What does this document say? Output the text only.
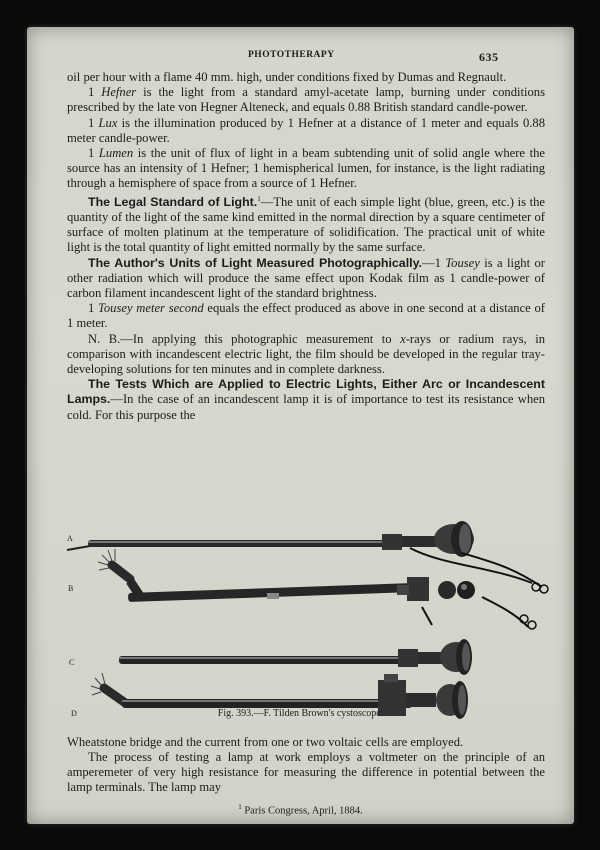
PHOTOTHERAPY	635

oil per hour with a flame 40 mm. high, under conditions fixed by Dumas and Regnault.

1 Hefner is the light from a standard amyl-acetate lamp, burning under conditions prescribed by the late von Hegner Alteneck, and equals 0.88 British standard candle-power.

1 Lux is the illumination produced by 1 Hefner at a distance of 1 meter and equals 0.88 meter candle-power.

1 Lumen is the unit of flux of light in a beam subtending unit of solid angle where the source has an intensity of 1 Hefner; 1 hemispherical lumen, for instance, is the light radiating through a hemisphere of space from a source of 1 Hefner.

The Legal Standard of Light.$^1$—The unit of each simple light (blue, green, etc.) is the quantity of the light of the same kind emitted in the normal direction by a square centimeter of surface of molten platinum at the temperature of solidification. The practical unit of white light is the total quantity of light emitted normally by the same surface.

The Author's Units of Light Measured Photographically.—1 Tousey is a light or other radiation which will produce the same effect upon Kodak film as 1 candle-power of carbon filament incandescent light of the standard brightness.

1 Tousey meter second equals the effect produced as above in one second at a distance of 1 meter.

N. B.—In applying this photographic measurement to x-rays or radium rays, in comparison with incandescent electric light, the film should be developed in the regular tray-developing solutions for ten minutes and in complete darkness.

The Tests Which are Applied to Electric Lights, Either Arc or Incandescent Lamps.—In the case of an incandescent lamp it is of importance to test its resistance when cold. For this purpose the

A
B
C
D	Fig. 393.—F. Tilden Brown's cystoscope.

Wheatstone bridge and the current from one or two voltaic cells are employed.

The process of testing a lamp at work employs a voltmeter on the principle of an amperemeter of very high resistance for measuring the difference in potential between the lamp terminals. The lamp may

$^1$ Paris Congress, April, 1884.
